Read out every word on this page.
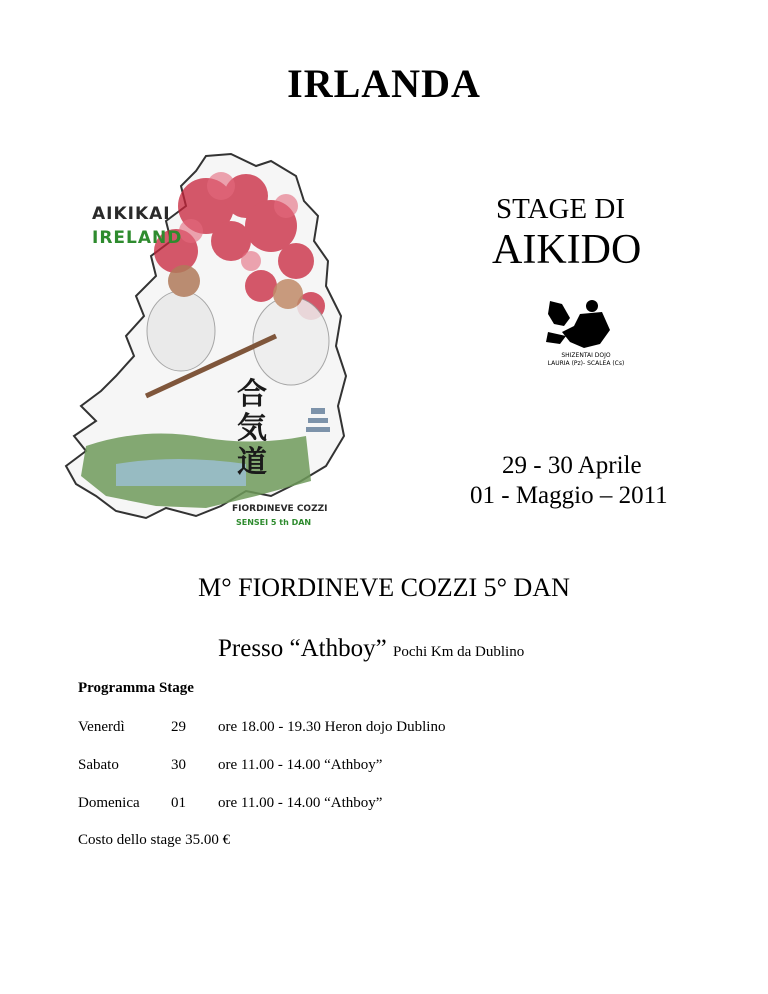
IRLANDA
AIKIKAI
IRELAND
合
気
道
FIORDINEVE COZZI
SENSEI 5 th DAN
STAGE DI
AIKIDO
SHIZENTAI DOJO
LAURIA (Pz)- SCALEA (Cs)
29 - 30 Aprile
01 - Maggio – 2011
M° FIORDINEVE COZZI 5° DAN
Presso “Athboy” Pochi Km da Dublino
Programma Stage
Venerdì	29 ore 18.00 - 19.30 Heron dojo Dublino
Sabato	30 ore 11.00 - 14.00 “Athboy”
Domenica 01 ore 11.00 - 14.00 “Athboy”
Costo dello stage 35.00 €
